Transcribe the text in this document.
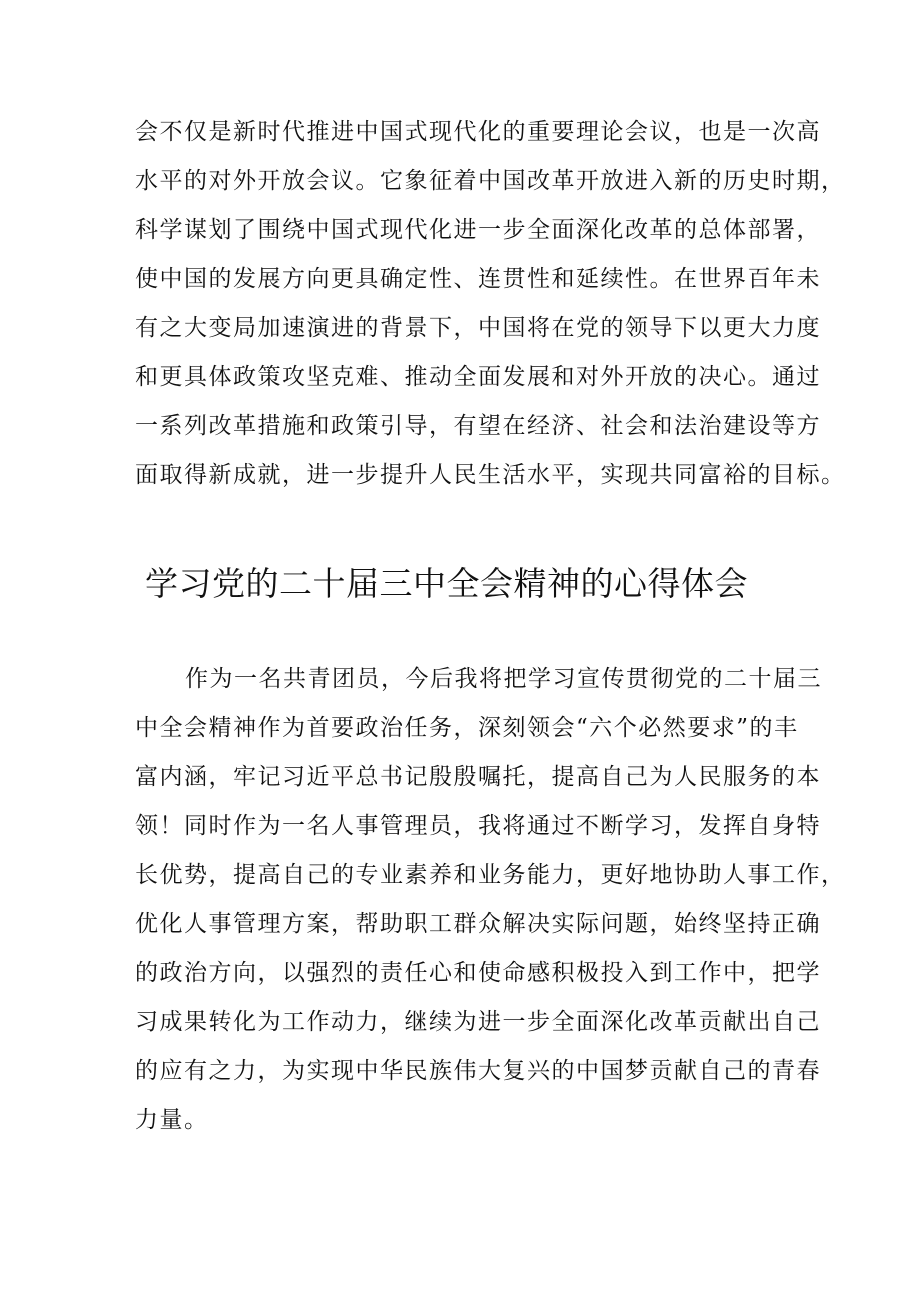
会不仅是新时代推进中国式现代化的重要理论会议，也是一次高
水平的对外开放会议。它象征着中国改革开放进入新的历史时期，
科学谋划了围绕中国式现代化进一步全面深化改革的总体部署，
使中国的发展方向更具确定性、连贯性和延续性。在世界百年未
有之大变局加速演进的背景下，中国将在党的领导下以更大力度
和更具体政策攻坚克难、推动全面发展和对外开放的决心。通过
一系列改革措施和政策引导，有望在经济、社会和法治建设等方
面取得新成就，进一步提升人民生活水平，实现共同富裕的目标。
学习党的二十届三中全会精神的心得体会
作为一名共青团员，今后我将把学习宣传贯彻党的二十届三
中全会精神作为首要政治任务，深刻领会“六个必然要求”的丰
富内涵，牢记习近平总书记殷殷嘱托，提高自己为人民服务的本
领！同时作为一名人事管理员，我将通过不断学习，发挥自身特
长优势，提高自己的专业素养和业务能力，更好地协助人事工作，
优化人事管理方案，帮助职工群众解决实际问题，始终坚持正确
的政治方向，以强烈的责任心和使命感积极投入到工作中，把学
习成果转化为工作动力，继续为进一步全面深化改革贡献出自己
的应有之力，为实现中华民族伟大复兴的中国梦贡献自己的青春
力量。
